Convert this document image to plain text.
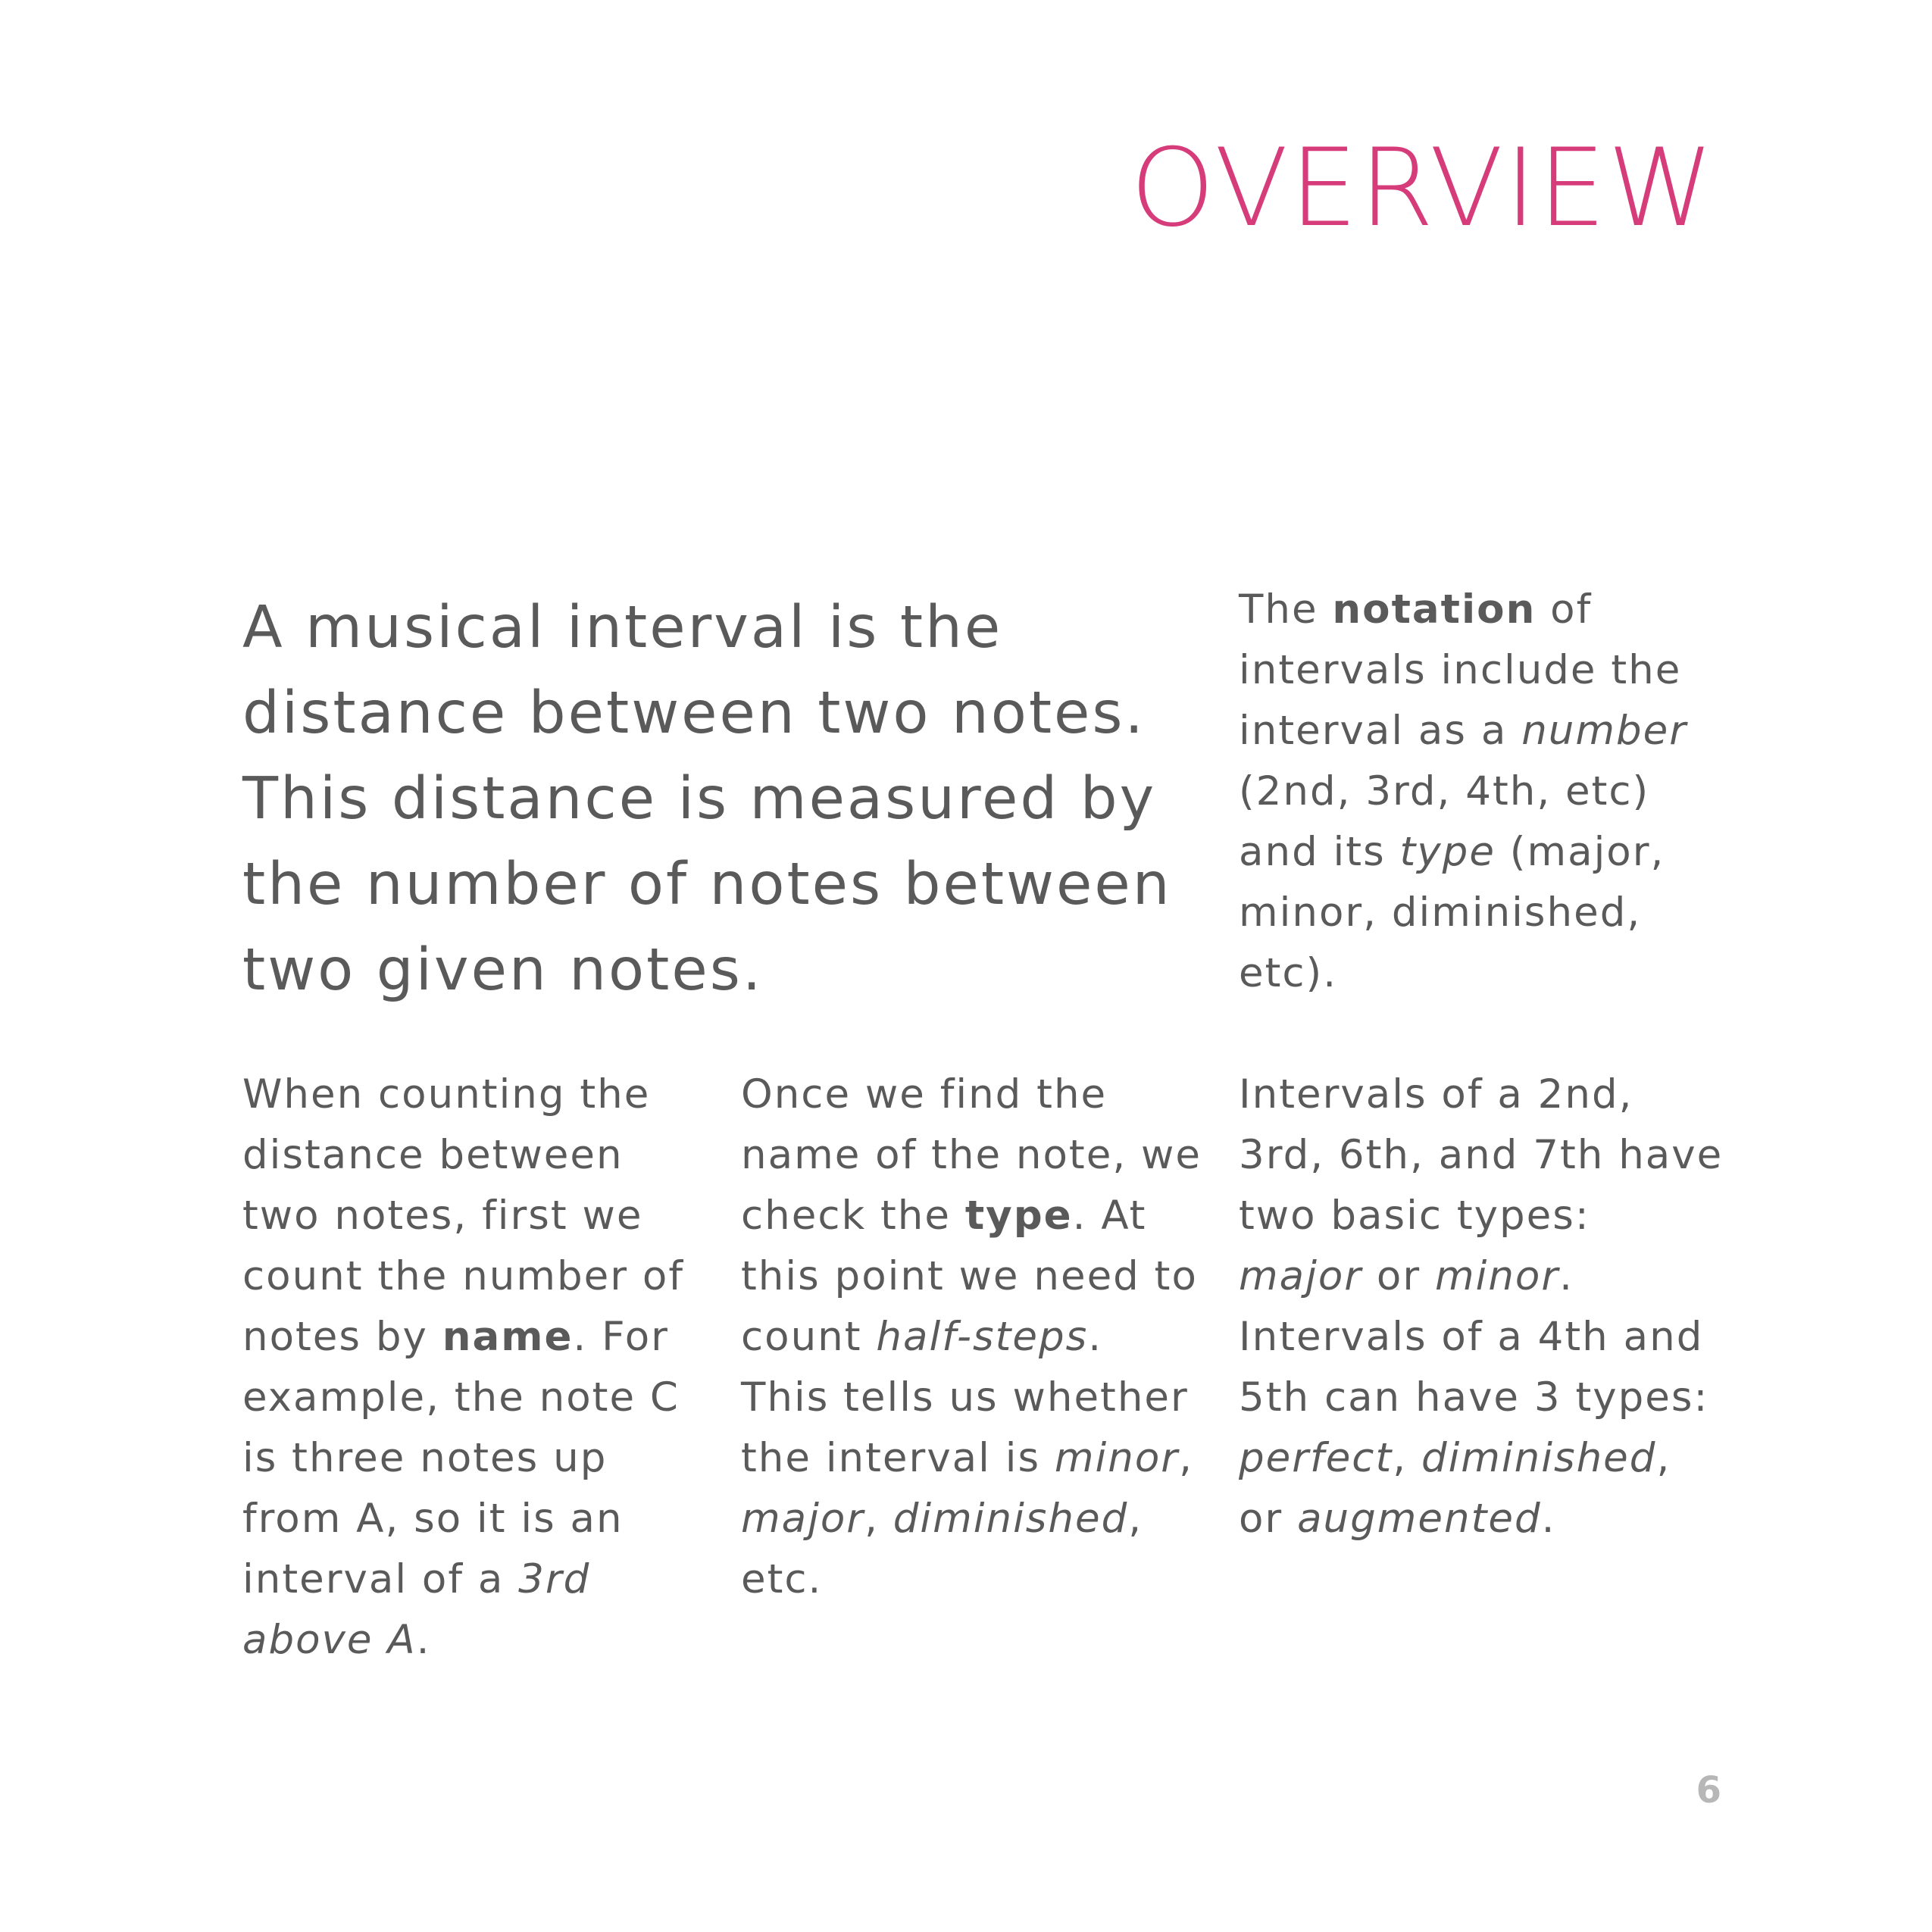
OVERVIEW

A musical interval is the distance between two notes. This distance is measured by the number of notes between two given notes.

The notation of intervals include the interval as a number (2nd, 3rd, 4th, etc) and its type (major, minor, diminished, etc).

When counting the distance between two notes, first we count the number of notes by name. For example, the note C is three notes up from A, so it is an interval of a 3rd above A.

Once we find the name of the note, we check the type. At this point we need to count half-steps. This tells us whether the interval is minor, major, diminished, etc.

Intervals of a 2nd, 3rd, 6th, and 7th have two basic types: major or minor. Intervals of a 4th and 5th can have 3 types: perfect, diminished, or augmented.

6
